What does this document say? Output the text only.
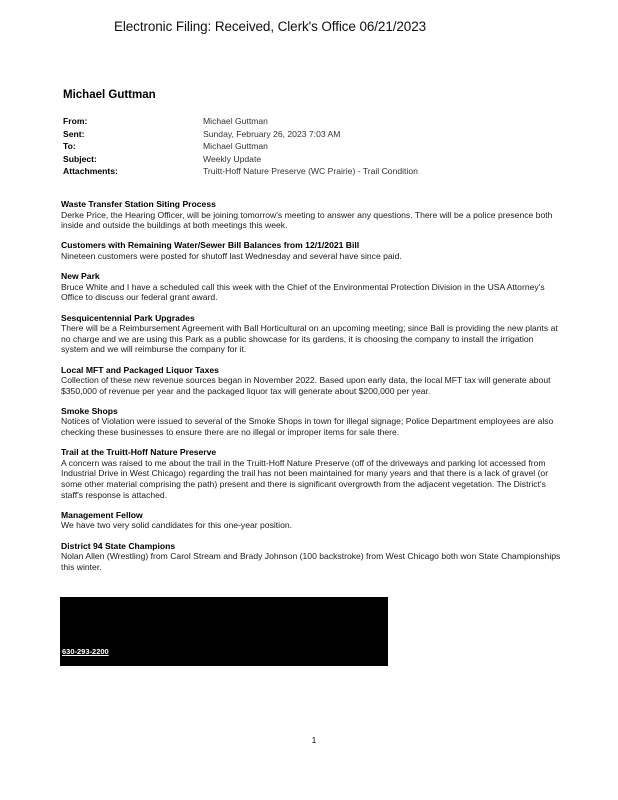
Electronic Filing: Received, Clerk's Office 06/21/2023
Michael Guttman
From:	Michael Guttman
Sent:	Sunday, February 26, 2023 7:03 AM
To:	Michael Guttman
Subject:	Weekly Update
Attachments:	Truitt-Hoff Nature Preserve (WC Prairie) - Trail Condition
Waste Transfer Station Siting Process

Derke Price, the Hearing Officer, will be joining tomorrow's meeting to answer any questions. There will be a police presence both inside and outside the buildings at both meetings this week.

Customers with Remaining Water/Sewer Bill Balances from 12/1/2021 Bill

Nineteen customers were posted for shutoff last Wednesday and several have since paid.

New Park

Bruce White and I have a scheduled call this week with the Chief of the Environmental Protection Division in the USA Attorney's Office to discuss our federal grant award.

Sesquicentennial Park Upgrades

There will be a Reimbursement Agreement with Ball Horticultural on an upcoming meeting; since Ball is providing the new plants at no charge and we are using this Park as a public showcase for its gardens, it is choosing the company to install the irrigation system and we will reimburse the company for it.

Local MFT and Packaged Liquor Taxes

Collection of these new revenue sources began in November 2022. Based upon early data, the local MFT tax will generate about $350,000 of revenue per year and the packaged liquor tax will generate about $200,000 per year.

Smoke Shops

Notices of Violation were issued to several of the Smoke Shops in town for illegal signage; Police Department employees are also checking these businesses to ensure there are no illegal or improper items for sale there.

Trail at the Truitt-Hoff Nature Preserve

A concern was raised to me about the trail in the Truitt-Hoff Nature Preserve (off of the driveways and parking lot accessed from Industrial Drive in West Chicago) regarding the trail has not been maintained for many years and that there is a lack of gravel (or some other material comprising the path) present and there is significant overgrowth from the adjacent vegetation. The District's staff's response is attached.

Management Fellow

We have two very solid candidates for this one-year position.

District 94 State Champions

Nolan Allen (Wrestling) from Carol Stream and Brady Johnson (100 backstroke) from West Chicago both won State Championships this winter.

630-293-2200
1
